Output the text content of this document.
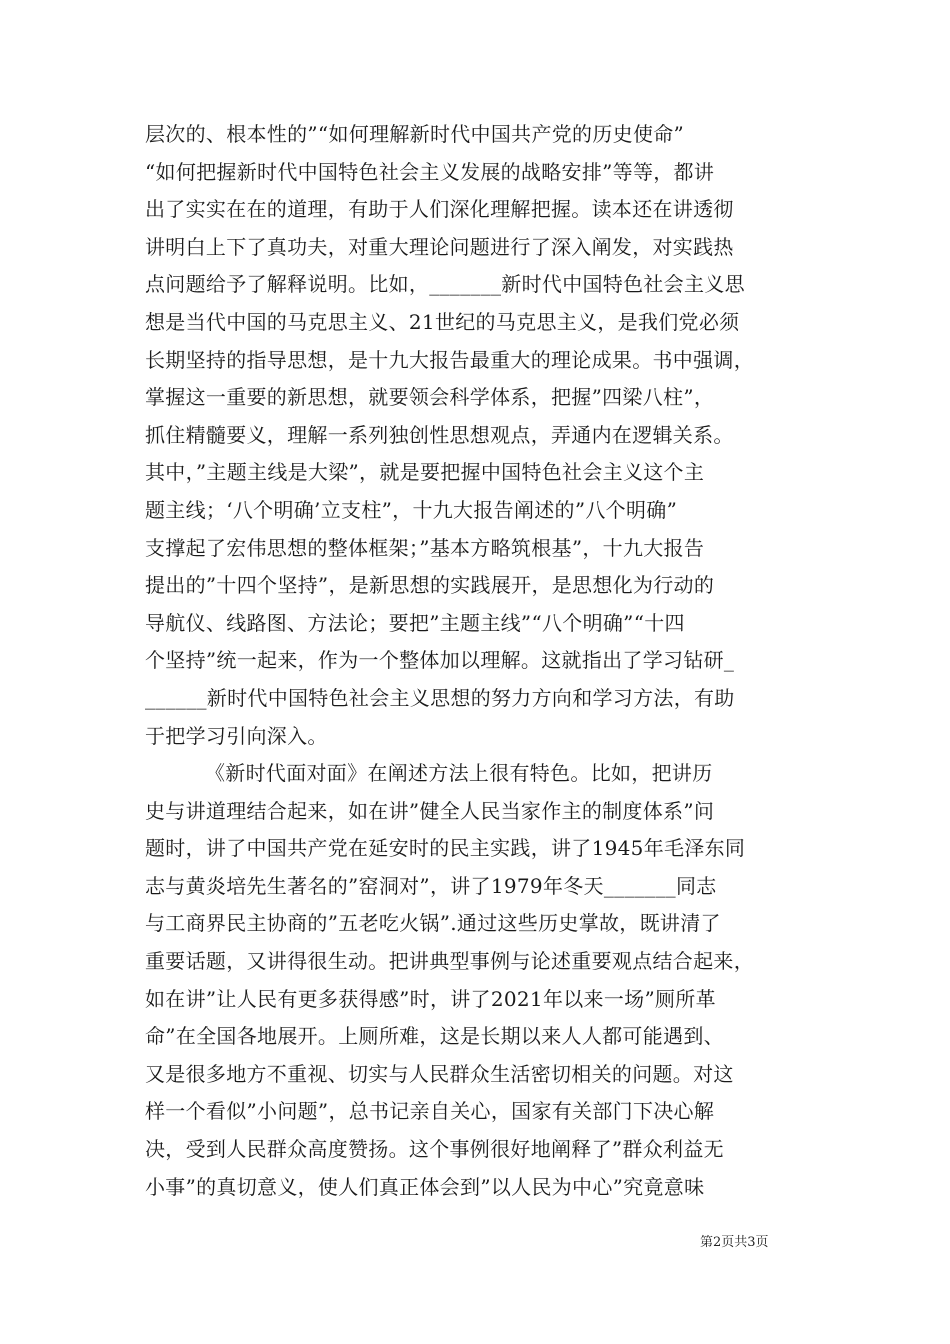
层次的、根本性的”“如何理解新时代中国共产党的历史使命”
“如何把握新时代中国特色社会主义发展的战略安排”等等，都讲
出了实实在在的道理，有助于人们深化理解把握。读本还在讲透彻
讲明白上下了真功夫，对重大理论问题进行了深入阐发，对实践热
点问题给予了解释说明。比如，_______新时代中国特色社会主义思
想是当代中国的马克思主义、21世纪的马克思主义，是我们党必须
长期坚持的指导思想，是十九大报告最重大的理论成果。书中强调，
掌握这一重要的新思想，就要领会科学体系，把握”四梁八柱”，
抓住精髓要义，理解一系列独创性思想观点，弄通内在逻辑关系。
其中，”主题主线是大梁”，就是要把握中国特色社会主义这个主
题主线；‘八个明确’立支柱”，十九大报告阐述的”八个明确”
支撑起了宏伟思想的整体框架；”基本方略筑根基”，十九大报告
提出的”十四个坚持”，是新思想的实践展开，是思想化为行动的
导航仪、线路图、方法论；要把”主题主线”“八个明确”“十四
个坚持”统一起来，作为一个整体加以理解。这就指出了学习钻研_
______新时代中国特色社会主义思想的努力方向和学习方法，有助
于把学习引向深入。
《新时代面对面》在阐述方法上很有特色。比如，把讲历
史与讲道理结合起来，如在讲”健全人民当家作主的制度体系”问
题时，讲了中国共产党在延安时的民主实践，讲了1945年毛泽东同
志与黄炎培先生著名的”窑洞对”，讲了1979年冬天_______同志
与工商界民主协商的”五老吃火锅”.通过这些历史掌故，既讲清了
重要话题，又讲得很生动。把讲典型事例与论述重要观点结合起来，
如在讲”让人民有更多获得感”时，讲了2021年以来一场”厕所革
命”在全国各地展开。上厕所难，这是长期以来人人都可能遇到、
又是很多地方不重视、切实与人民群众生活密切相关的问题。对这
样一个看似”小问题”，总书记亲自关心，国家有关部门下决心解
决，受到人民群众高度赞扬。这个事例很好地阐释了”群众利益无
小事”的真切意义，使人们真正体会到”以人民为中心”究竟意味
第2页共3页
